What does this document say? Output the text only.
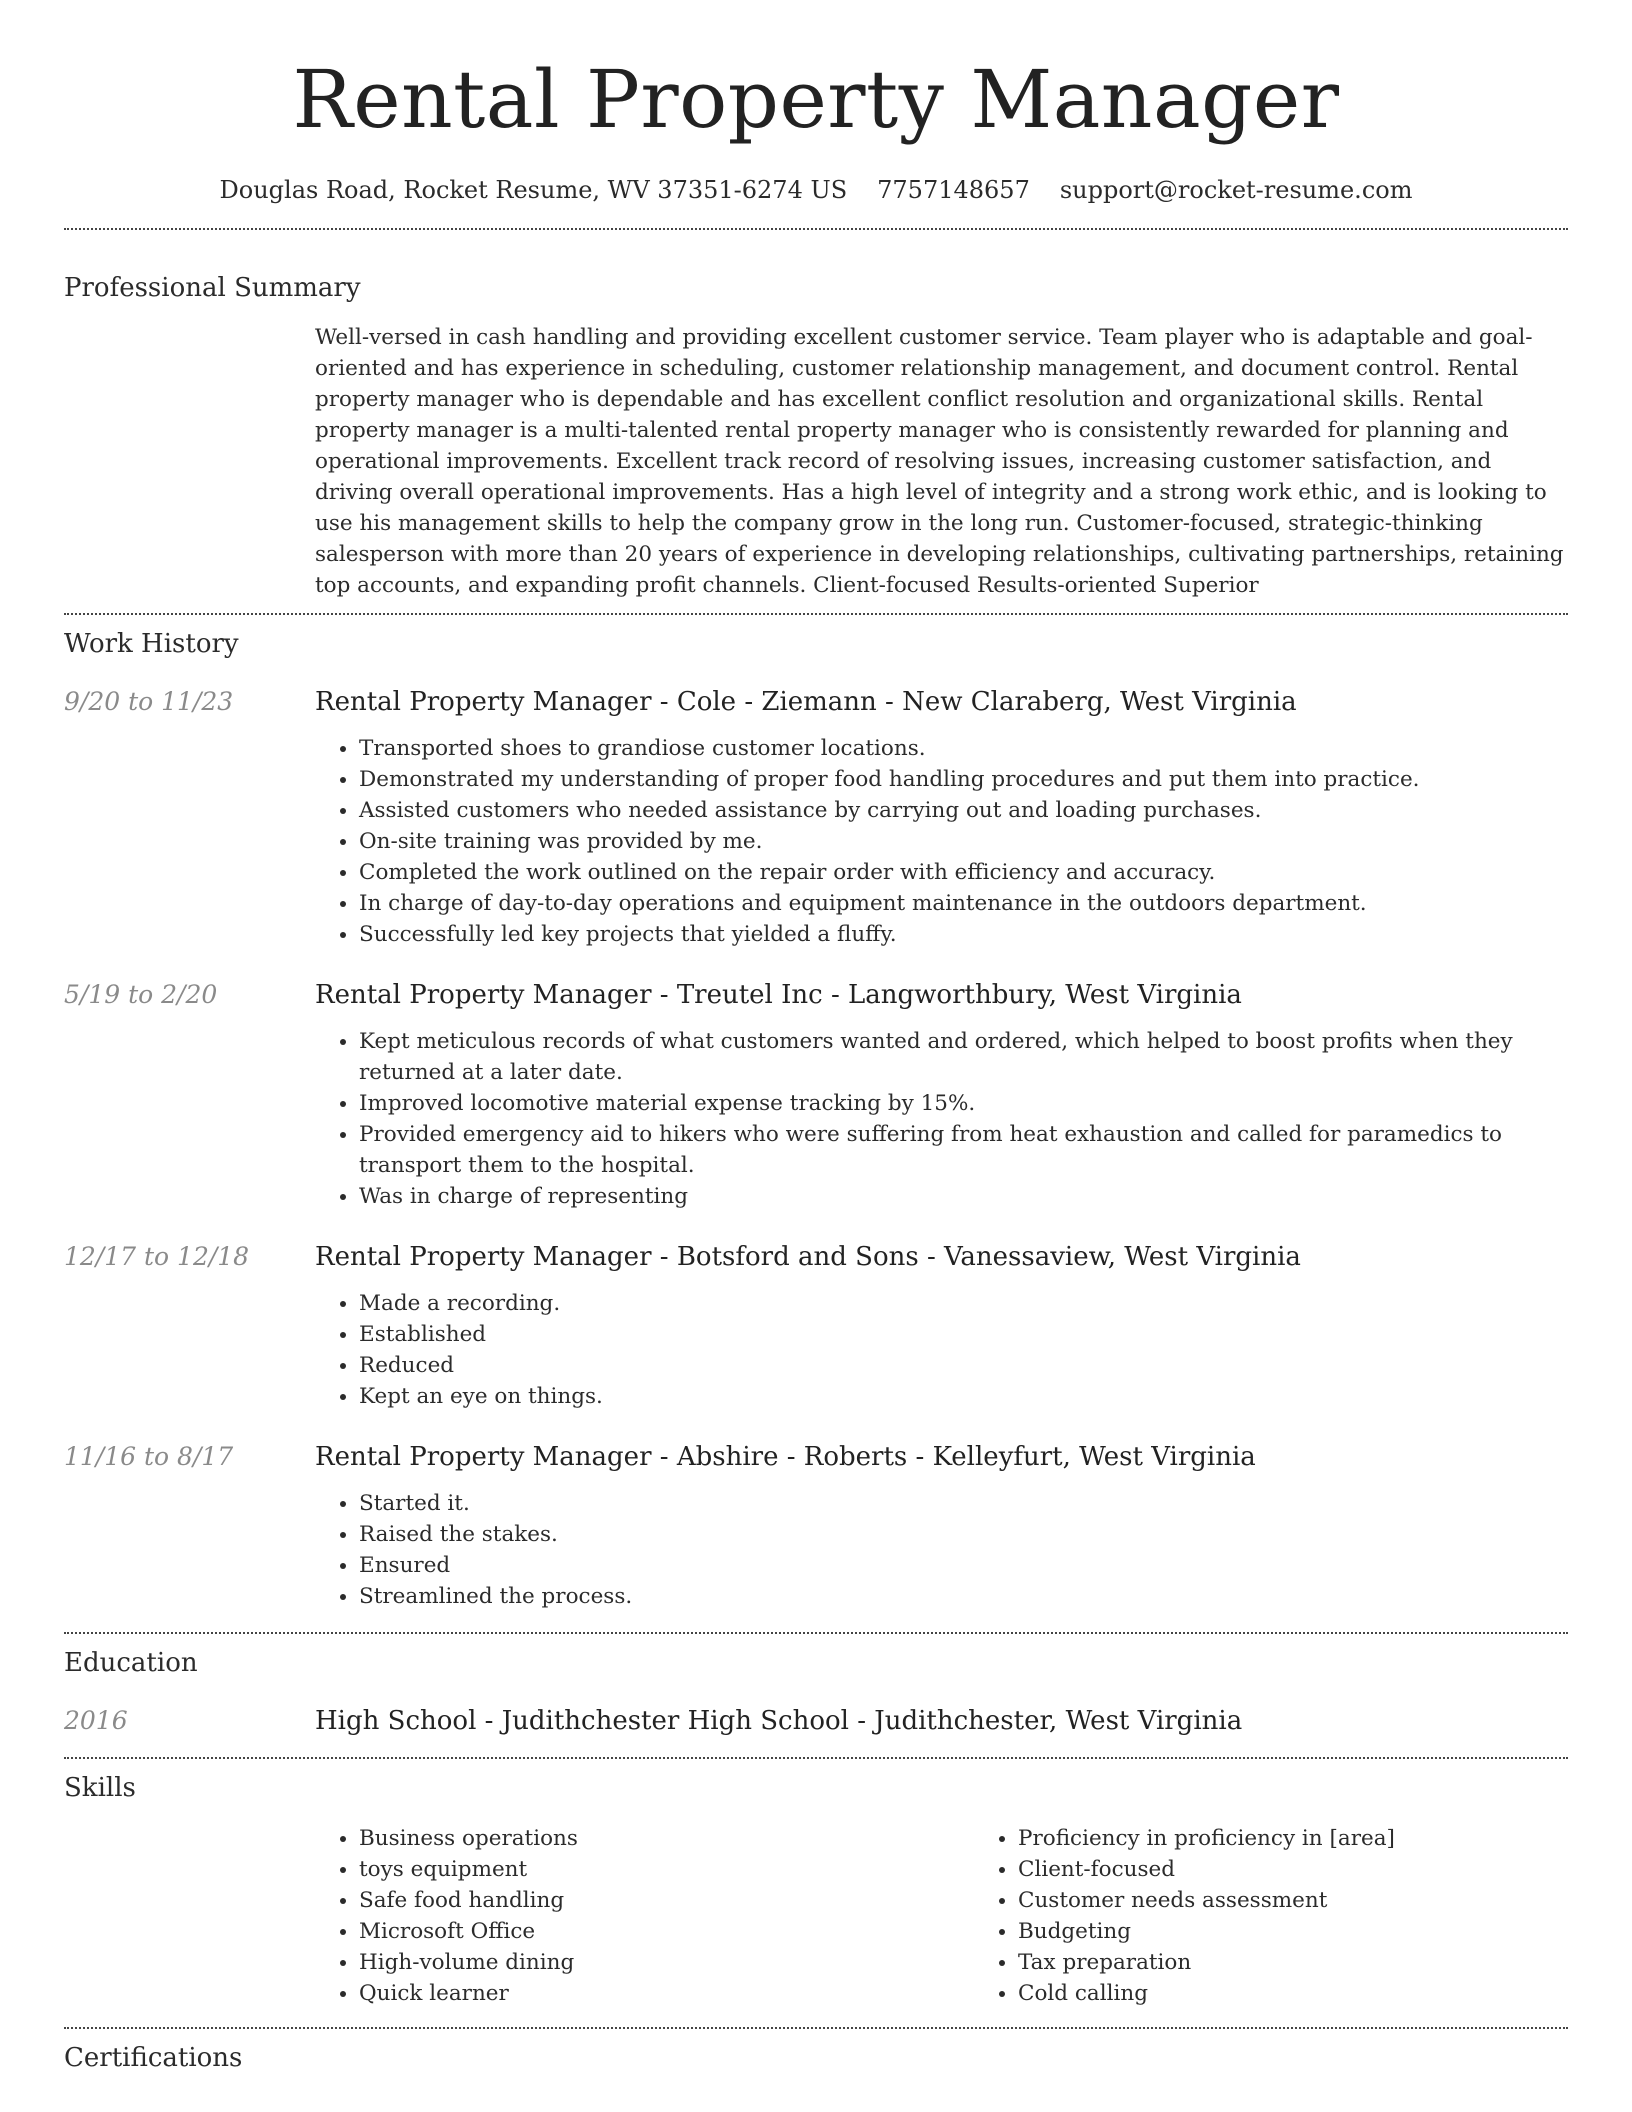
Rental Property Manager
Douglas Road, Rocket Resume, WV 37351-6274 US 7757148657 support@rocket-resume.com
Professional Summary

Well-versed in cash handling and providing excellent customer service. Team player who is adaptable and goal-oriented and has experience in scheduling, customer relationship management, and document control. Rental property manager who is dependable and has excellent conflict resolution and organizational skills. Rental property manager is a multi-talented rental property manager who is consistently rewarded for planning and operational improvements. Excellent track record of resolving issues, increasing customer satisfaction, and driving overall operational improvements. Has a high level of integrity and a strong work ethic, and is looking to use his management skills to help the company grow in the long run. Customer-focused, strategic-thinking salesperson with more than 20 years of experience in developing relationships, cultivating partnerships, retaining top accounts, and expanding profit channels. Client-focused Results-oriented Superior

Work History
9/20 to 11/23	Rental Property Manager - Cole - Ziemann - New Claraberg, West Virginia
• Transported shoes to grandiose customer locations.
• Demonstrated my understanding of proper food handling procedures and put them into practice.
• Assisted customers who needed assistance by carrying out and loading purchases.
• On-site training was provided by me.
• Completed the work outlined on the repair order with efficiency and accuracy.
• In charge of day-to-day operations and equipment maintenance in the outdoors department.
• Successfully led key projects that yielded a fluffy.
5/19 to 2/20	Rental Property Manager - Treutel Inc - Langworthbury, West Virginia
• Kept meticulous records of what customers wanted and ordered, which helped to boost profits when they returned at a later date.
• Improved locomotive material expense tracking by 15%.
• Provided emergency aid to hikers who were suffering from heat exhaustion and called for paramedics to transport them to the hospital.
• Was in charge of representing
12/17 to 12/18	Rental Property Manager - Botsford and Sons - Vanessaview, West Virginia
• Made a recording.
• Established
• Reduced
• Kept an eye on things.
11/16 to 8/17	Rental Property Manager - Abshire - Roberts - Kelleyfurt, West Virginia
• Started it.
• Raised the stakes.
• Ensured
• Streamlined the process.
Education
2016	High School - Judithchester High School - Judithchester, West Virginia
Skills
• Business operations
• toys equipment
• Safe food handling
• Microsoft Office
• High-volume dining
• Quick learner
• Proficiency in proficiency in [area]
• Client-focused
• Customer needs assessment
• Budgeting
• Tax preparation
• Cold calling
Certifications
